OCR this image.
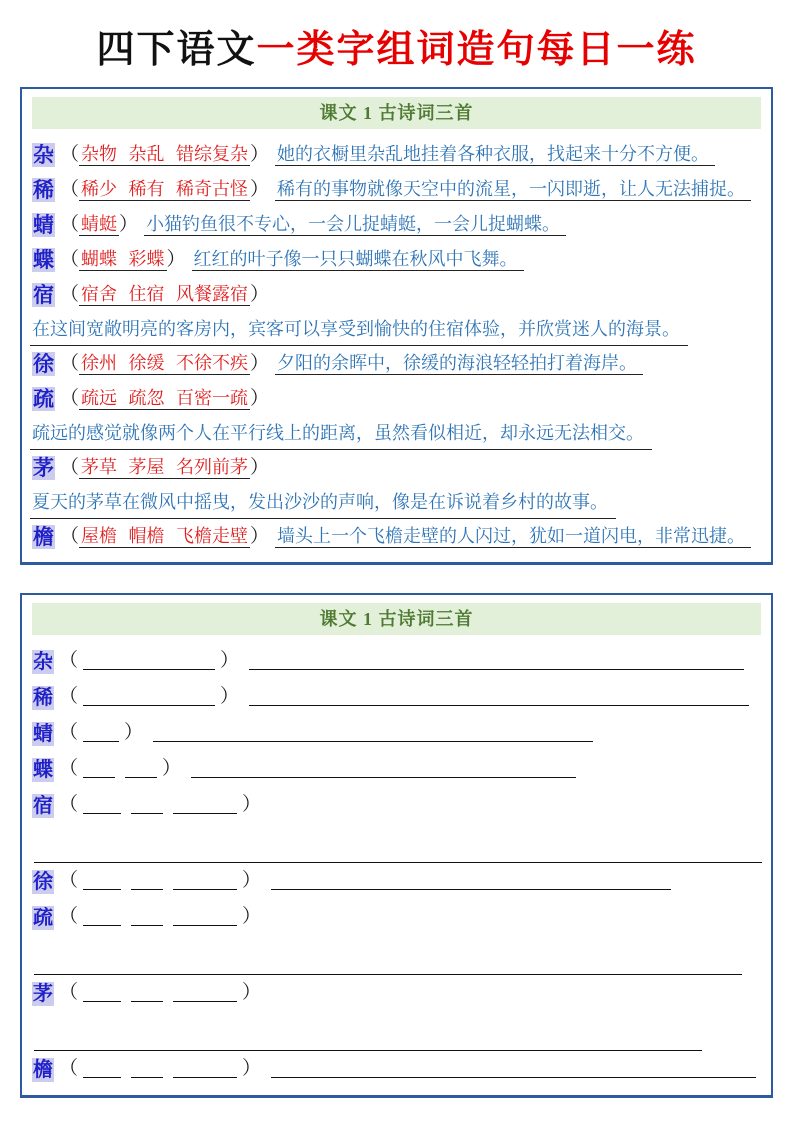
四下语文一类字组词造句每日一练
课文 1 古诗词三首
杂 （ 杂物 杂乱 错综复杂 ） 她的衣橱里杂乱地挂着各种衣服，找起来十分不方便。
稀 （ 稀少 稀有 稀奇古怪 ） 稀有的事物就像天空中的流星，一闪即逝，让人无法捕捉。
蜻 （ 蜻蜓 ） 小猫钓鱼很不专心，一会儿捉蜻蜓，一会儿捉蝴蝶。
蝶 （ 蝴蝶 彩蝶 ） 红红的叶子像一只只蝴蝶在秋风中飞舞。
宿 （ 宿舍 住宿 风餐露宿 ）
在这间宽敞明亮的客房内，宾客可以享受到愉快的住宿体验，并欣赏迷人的海景。
徐 （ 徐州 徐缓 不徐不疾 ） 夕阳的余晖中，徐缓的海浪轻轻拍打着海岸。
疏 （ 疏远 疏忽 百密一疏 ）
疏远的感觉就像两个人在平行线上的距离，虽然看似相近，却永远无法相交。
茅 （ 茅草 茅屋 名列前茅 ）
夏天的茅草在微风中摇曳，发出沙沙的声响，像是在诉说着乡村的故事。
檐 （ 屋檐 帽檐 飞檐走壁 ） 墙头上一个飞檐走壁的人闪过，犹如一道闪电，非常迅捷。
课文 1 古诗词三首
杂 （	）
稀 （	）
蜻 （ ）
蝶 （	）
宿 （	）
徐 （	）
疏 （	）
茅 （	）
檐 （	）
